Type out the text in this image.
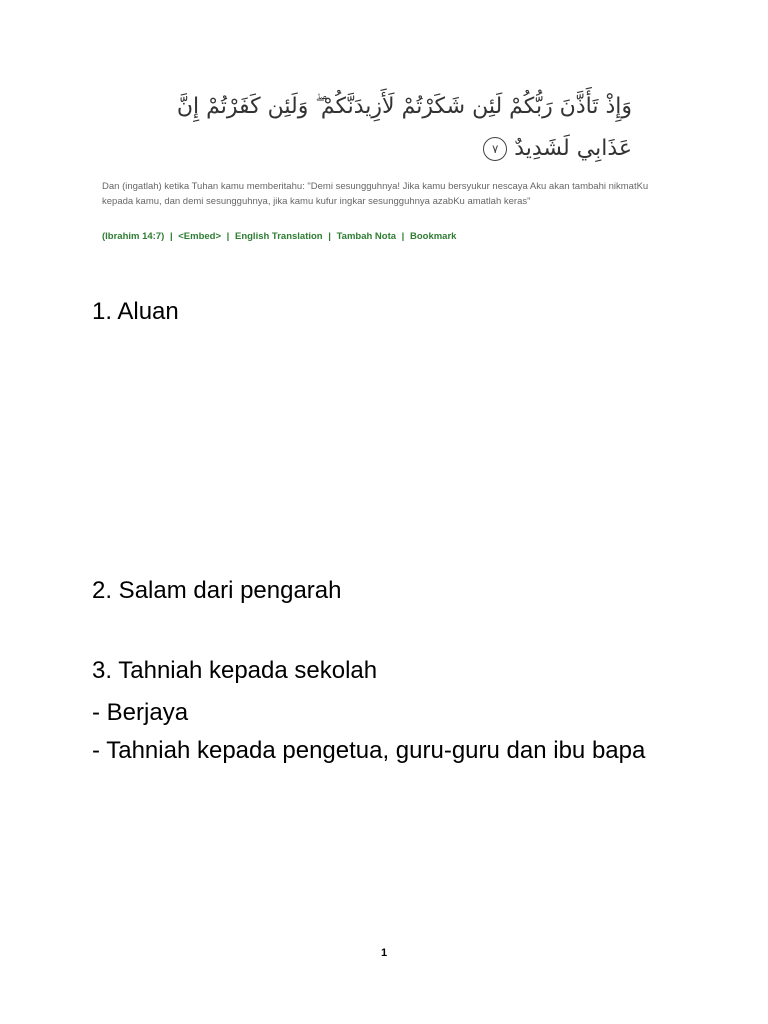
وَإِذْ تَأَذَّنَ رَبُّكُمْ لَئِن شَكَرْتُمْ لَأَزِيدَنَّكُمْ ۖ وَلَئِن كَفَرْتُمْ إِنَّ
عَذَابِي لَشَدِيدٌ ٧
Dan (ingatlah) ketika Tuhan kamu memberitahu: "Demi sesungguhnya! Jika kamu bersyukur nescaya Aku akan tambahi nikmatKu kepada kamu, dan demi sesungguhnya, jika kamu kufur ingkar sesungguhnya azabKu amatlah keras"
(Ibrahim 14:7) | <Embed> | English Translation | Tambah Nota | Bookmark
1. Aluan
2. Salam dari pengarah
3. Tahniah kepada sekolah
- Berjaya
- Tahniah kepada pengetua, guru-guru dan ibu bapa
1
